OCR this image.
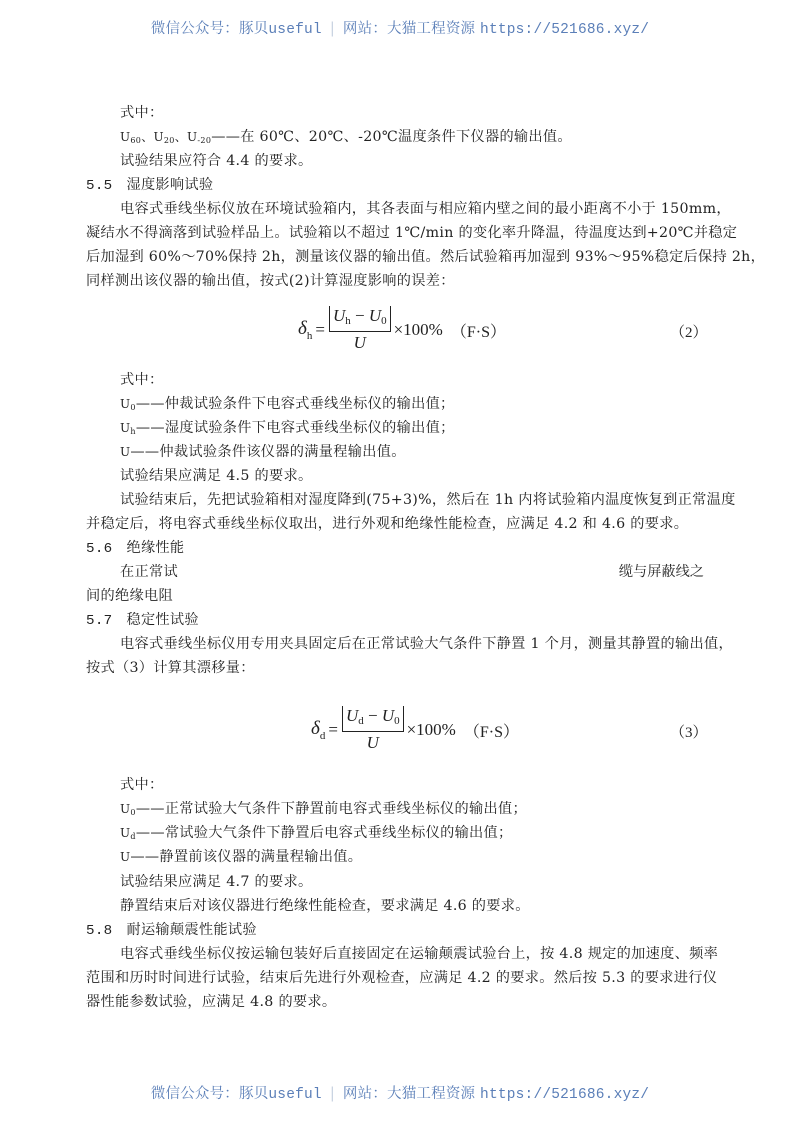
微信公众号：豚贝useful | 网站：大猫工程资源 https://521686.xyz/
式中：
$U_{60}$、$U_{20}$、$U_{-20}——$在 60℃、20℃、-20℃温度条件下仪器的输出值。
试验结果应符合 4.4 的要求。
5.5 湿度影响试验
电容式垂线坐标仪放在环境试验箱内，其各表面与相应箱内壁之间的最小距离不小于 150mm，
凝结水不得滴落到试验样品上。试验箱以不超过 1℃/min 的变化率升降温，待温度达到+20℃并稳定
后加湿到 60%～70%保持 2h，测量该仪器的输出值。然后试验箱再加湿到 93%～95%稳定后保持 2h，
同样测出该仪器的输出值，按式(2)计算湿度影响的误差：
$\delta_h = \frac{Uh - U0}{U} \times 100\%$ （F·S）	（2）
式中：
$U_0——$仲裁试验条件下电容式垂线坐标仪的输出值；
$U_h——$湿度试验条件下电容式垂线坐标仪的输出值；
U——仲裁试验条件该仪器的满量程输出值。
试验结果应满足 4.5 的要求。
试验结束后，先把试验箱相对湿度降到(75+3)%，然后在 1h 内将试验箱内温度恢复到正常温度
并稳定后，将电容式垂线坐标仪取出，进行外观和绝缘性能检查，应满足 4.2 和 4.6 的要求。
5.6 绝缘性能
在正常试	缆与屏蔽线之
间的绝缘电阻
5.7 稳定性试验
电容式垂线坐标仪用专用夹具固定后在正常试验大气条件下静置 1 个月，测量其静置的输出值，
按式（3）计算其漂移量：
$\delta_d = \frac{Ud - U0}{U} \times 100\%$ （F·S）	（3）
式中：
$U_0——$正常试验大气条件下静置前电容式垂线坐标仪的输出值；
$U_d——$常试验大气条件下静置后电容式垂线坐标仪的输出值；
U——静置前该仪器的满量程输出值。
试验结果应满足 4.7 的要求。
静置结束后对该仪器进行绝缘性能检查，要求满足 4.6 的要求。
5.8 耐运输颠震性能试验
电容式垂线坐标仪按运输包装好后直接固定在运输颠震试验台上，按 4.8 规定的加速度、频率
范围和历时时间进行试验，结束后先进行外观检查，应满足 4.2 的要求。然后按 5.3 的要求进行仪
器性能参数试验，应满足 4.8 的要求。
微信公众号：豚贝useful | 网站：大猫工程资源 https://521686.xyz/
